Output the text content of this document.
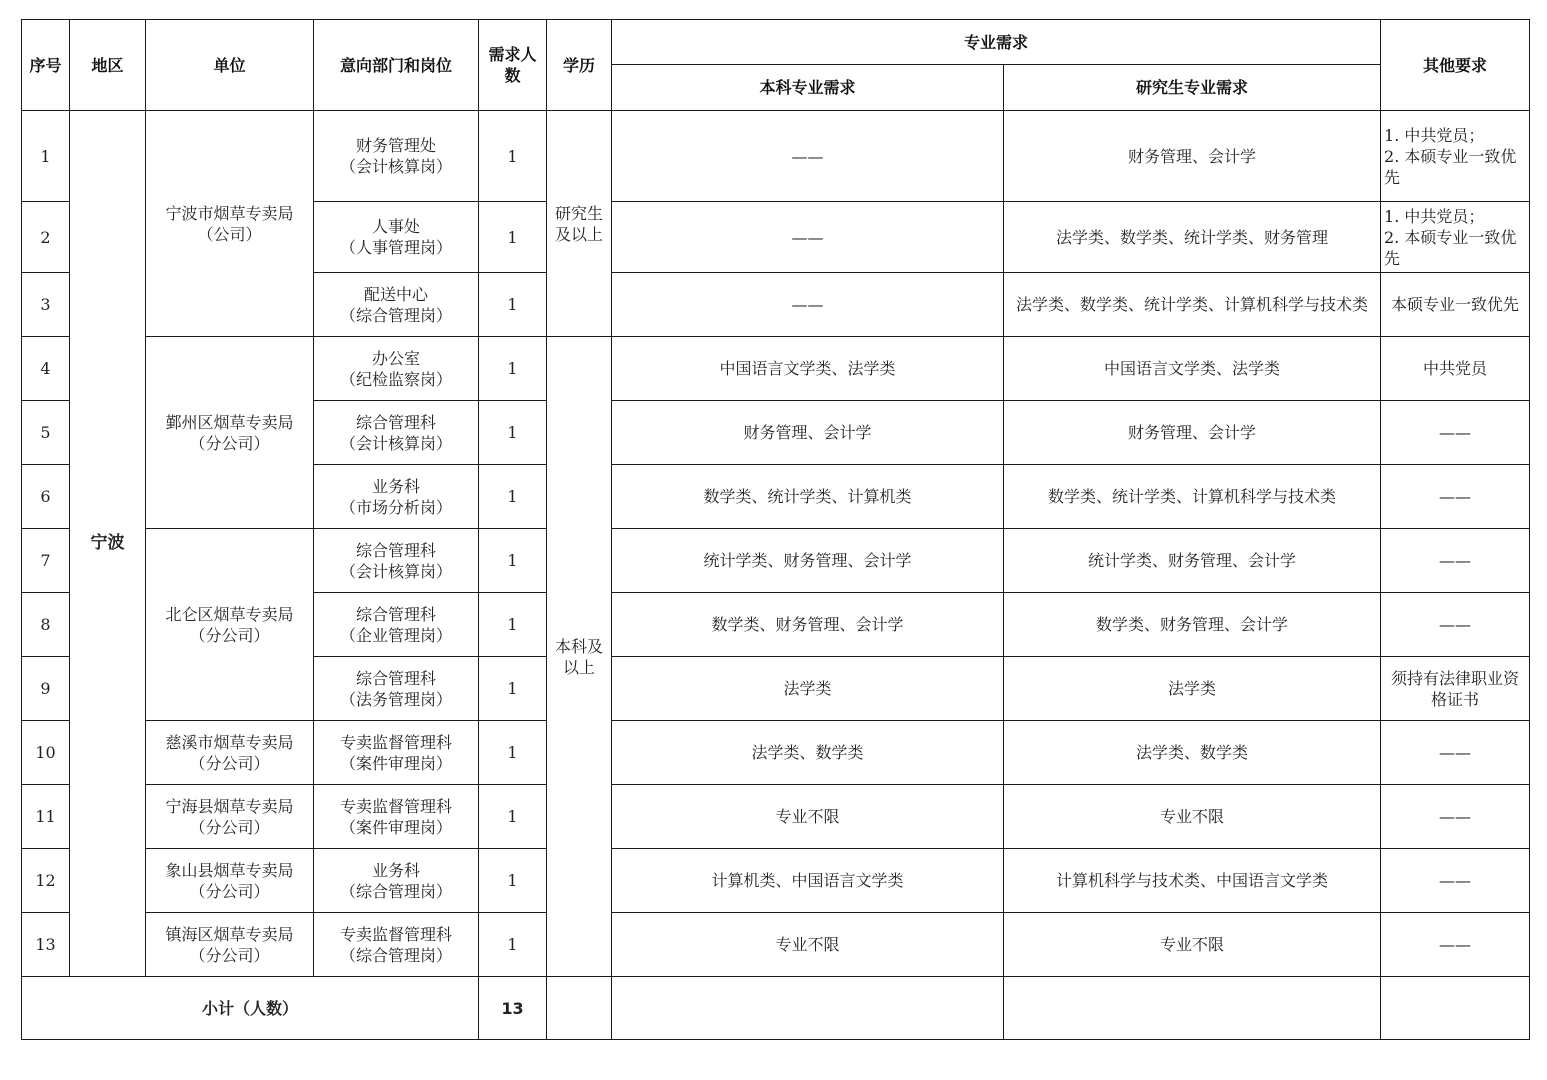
序号	地区	单位	意向部门和岗位	需求人数	学历	专业需求		其他要求
						本科专业需求	研究生专业需求	
1	宁波	宁波市烟草专卖局
（公司）	财务管理处
（会计核算岗）	1	研究生
及以上	——	财务管理、会计学	1. 中共党员；
2. 本硕专业一致优先
2			人事处
（人事管理岗）	1		——	法学类、数学类、统计学类、财务管理	1. 中共党员；
2. 本硕专业一致优先
3			配送中心
（综合管理岗）	1		——	法学类、数学类、统计学类、计算机科学与技术类	本硕专业一致优先
4		鄞州区烟草专卖局
（分公司）	办公室
（纪检监察岗）	1	本科及
以上	中国语言文学类、法学类	中国语言文学类、法学类	中共党员
5			综合管理科
（会计核算岗）	1		财务管理、会计学	财务管理、会计学	——
6			业务科
（市场分析岗）	1		数学类、统计学类、计算机类	数学类、统计学类、计算机科学与技术类	——
7		北仑区烟草专卖局
（分公司）	综合管理科
（会计核算岗）	1		统计学类、财务管理、会计学	统计学类、财务管理、会计学	——
8			综合管理科
（企业管理岗）	1		数学类、财务管理、会计学	数学类、财务管理、会计学	——
9			综合管理科
（法务管理岗）	1		法学类	法学类	须持有法律职业资格证书
10		慈溪市烟草专卖局
（分公司）	专卖监督管理科
（案件审理岗）	1		法学类、数学类	法学类、数学类	——
11		宁海县烟草专卖局
（分公司）	专卖监督管理科
（案件审理岗）	1		专业不限	专业不限	——
12		象山县烟草专卖局
（分公司）	业务科
（综合管理岗）	1		计算机类、中国语言文学类	计算机科学与技术类、中国语言文学类	——
13		镇海区烟草专卖局
（分公司）	专卖监督管理科
（综合管理岗）	1		专业不限	专业不限	——
小计（人数）				13				
